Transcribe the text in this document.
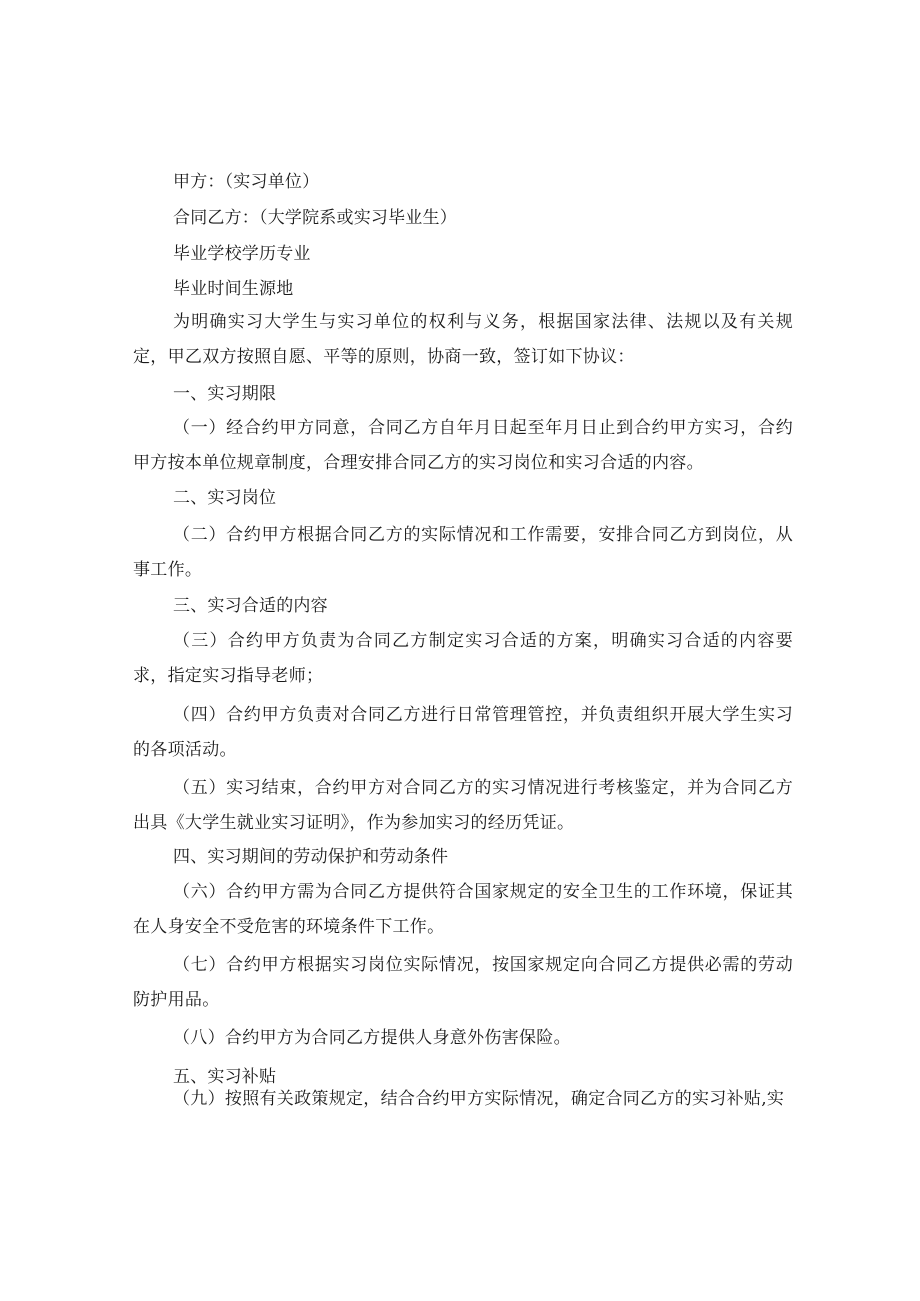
甲方：（实习单位）
合同乙方：（大学院系或实习毕业生）
毕业学校学历专业
毕业时间生源地
为明确实习大学生与实习单位的权利与义务，根据国家法律、法规以及有关规定，甲乙双方按照自愿、平等的原则，协商一致，签订如下协议：
一、实习期限
（一）经合约甲方同意，合同乙方自年月日起至年月日止到合约甲方实习，合约甲方按本单位规章制度，合理安排合同乙方的实习岗位和实习合适的内容。
二、实习岗位
（二）合约甲方根据合同乙方的实际情况和工作需要，安排合同乙方到岗位，从事工作。
三、实习合适的内容
（三）合约甲方负责为合同乙方制定实习合适的方案，明确实习合适的内容要求，指定实习指导老师；
（四）合约甲方负责对合同乙方进行日常管理管控，并负责组织开展大学生实习的各项活动。
（五）实习结束，合约甲方对合同乙方的实习情况进行考核鉴定，并为合同乙方出具《大学生就业实习证明》，作为参加实习的经历凭证。
四、实习期间的劳动保护和劳动条件
（六）合约甲方需为合同乙方提供符合国家规定的安全卫生的工作环境，保证其在人身安全不受危害的环境条件下工作。
（七）合约甲方根据实习岗位实际情况，按国家规定向合同乙方提供必需的劳动防护用品。
（八）合约甲方为合同乙方提供人身意外伤害保险。
五、实习补贴
（九）按照有关政策规定，结合合约甲方实际情况，确定合同乙方的实习补贴,实
